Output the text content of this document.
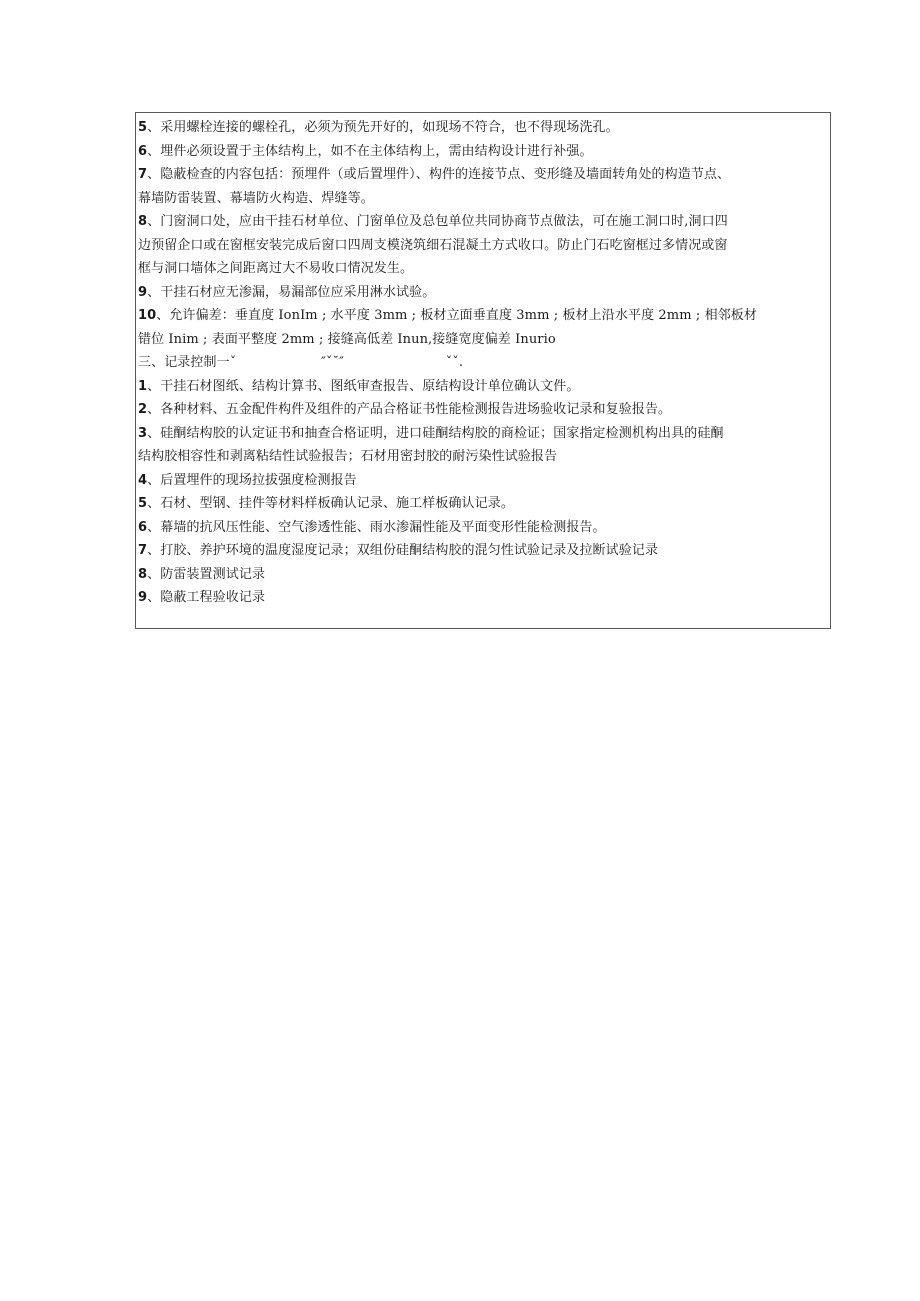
5、采用螺栓连接的螺栓孔，必须为预先开好的，如现场不符合，也不得现场洗孔。
6、埋件必须设置于主体结构上，如不在主体结构上，需由结构设计进行补强。
7、隐蔽检查的内容包括：预埋件（或后置埋件）、构件的连接节点、变形缝及墙面转角处的构造节点、
幕墙防雷装置、幕墙防火构造、焊缝等。
8、门窗洞口处，应由干挂石材单位、门窗单位及总包单位共同协商节点做法，可在施工洞口时,洞口四
边预留企口或在窗框安装完成后窗口四周支模浇筑细石混凝土方式收口。防止门石吃窗框过多情况或窗
框与洞口墙体之间距离过大不易收口情况发生。
9、干挂石材应无渗漏，易漏部位应采用淋水试验。
10、允许偏差：垂直度 IonIm ; 水平度 3mm ; 板材立面垂直度 3mm ; 板材上沿水平度 2mm ; 相邻板材
错位 Inim ; 表面平整度 2mm ; 接缝高低差 Inun,接缝宽度偏差 Inurio
三、记录控制一ˇ                    ″ˇ˘″                        ˇˇ.
1、干挂石材图纸、结构计算书、图纸审查报告、原结构设计单位确认文件。
2、各种材料、五金配件构件及组件的产品合格证书性能检测报告进场验收记录和复验报告。
3、硅酮结构胶的认定证书和抽查合格证明，进口硅酮结构胶的商检证；国家指定检测机构出具的硅酮
结构胶相容性和剥离粘结性试验报告；石材用密封胶的耐污染性试验报告
4、后置埋件的现场拉拔强度检测报告
5、石材、型钢、挂件等材料样板确认记录、施工样板确认记录。
6、幕墙的抗风压性能、空气渗透性能、雨水渗漏性能及平面变形性能检测报告。
7、打胶、养护环境的温度湿度记录；双组份硅酮结构胶的混匀性试验记录及拉断试验记录
8、防雷装置测试记录
9、隐蔽工程验收记录
